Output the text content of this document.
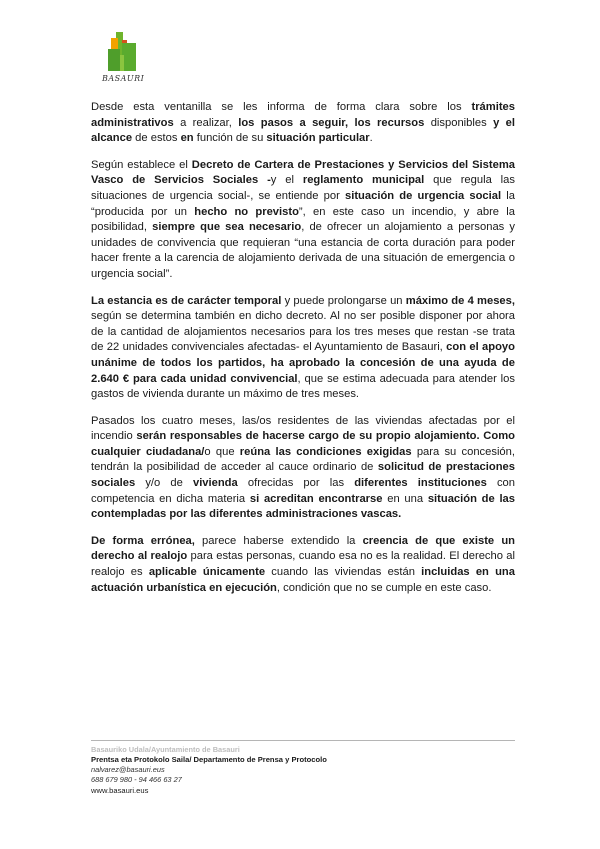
BASAURI

Desde esta ventanilla se les informa de forma clara sobre los trámites administrativos a realizar, los pasos a seguir, los recursos disponibles y el alcance de estos en función de su situación particular.

Según establece el Decreto de Cartera de Prestaciones y Servicios del Sistema Vasco de Servicios Sociales -y el reglamento municipal que regula las situaciones de urgencia social-, se entiende por situación de urgencia social la “producida por un hecho no previsto”, en este caso un incendio, y abre la posibilidad, siempre que sea necesario, de ofrecer un alojamiento a personas y unidades de convivencia que requieran “una estancia de corta duración para poder hacer frente a la carencia de alojamiento derivada de una situación de emergencia o urgencia social”.

La estancia es de carácter temporal y puede prolongarse un máximo de 4 meses, según se determina también en dicho decreto. Al no ser posible disponer por ahora de la cantidad de alojamientos necesarios para los tres meses que restan -se trata de 22 unidades convivenciales afectadas- el Ayuntamiento de Basauri, con el apoyo unánime de todos los partidos, ha aprobado la concesión de una ayuda de 2.640 € para cada unidad convivencial, que se estima adecuada para atender los gastos de vivienda durante un máximo de tres meses.

Pasados los cuatro meses, las/os residentes de las viviendas afectadas por el incendio serán responsables de hacerse cargo de su propio alojamiento. Como cualquier ciudadana/o que reúna las condiciones exigidas para su concesión, tendrán la posibilidad de acceder al cauce ordinario de solicitud de prestaciones sociales y/o de vivienda ofrecidas por las diferentes instituciones con competencia en dicha materia si acreditan encontrarse en una situación de las contempladas por las diferentes administraciones vascas.

De forma errónea, parece haberse extendido la creencia de que existe un derecho al realojo para estas personas, cuando esa no es la realidad. El derecho al realojo es aplicable únicamente cuando las viviendas están incluidas en una actuación urbanística en ejecución, condición que no se cumple en este caso.

Basauriko Udala/Ayuntamiento de Basauri
Prentsa eta Protokolo Saila/ Departamento de Prensa y Protocolo
nalvarez@basauri.eus
688 679 980 - 94 466 63 27
www.basauri.eus
